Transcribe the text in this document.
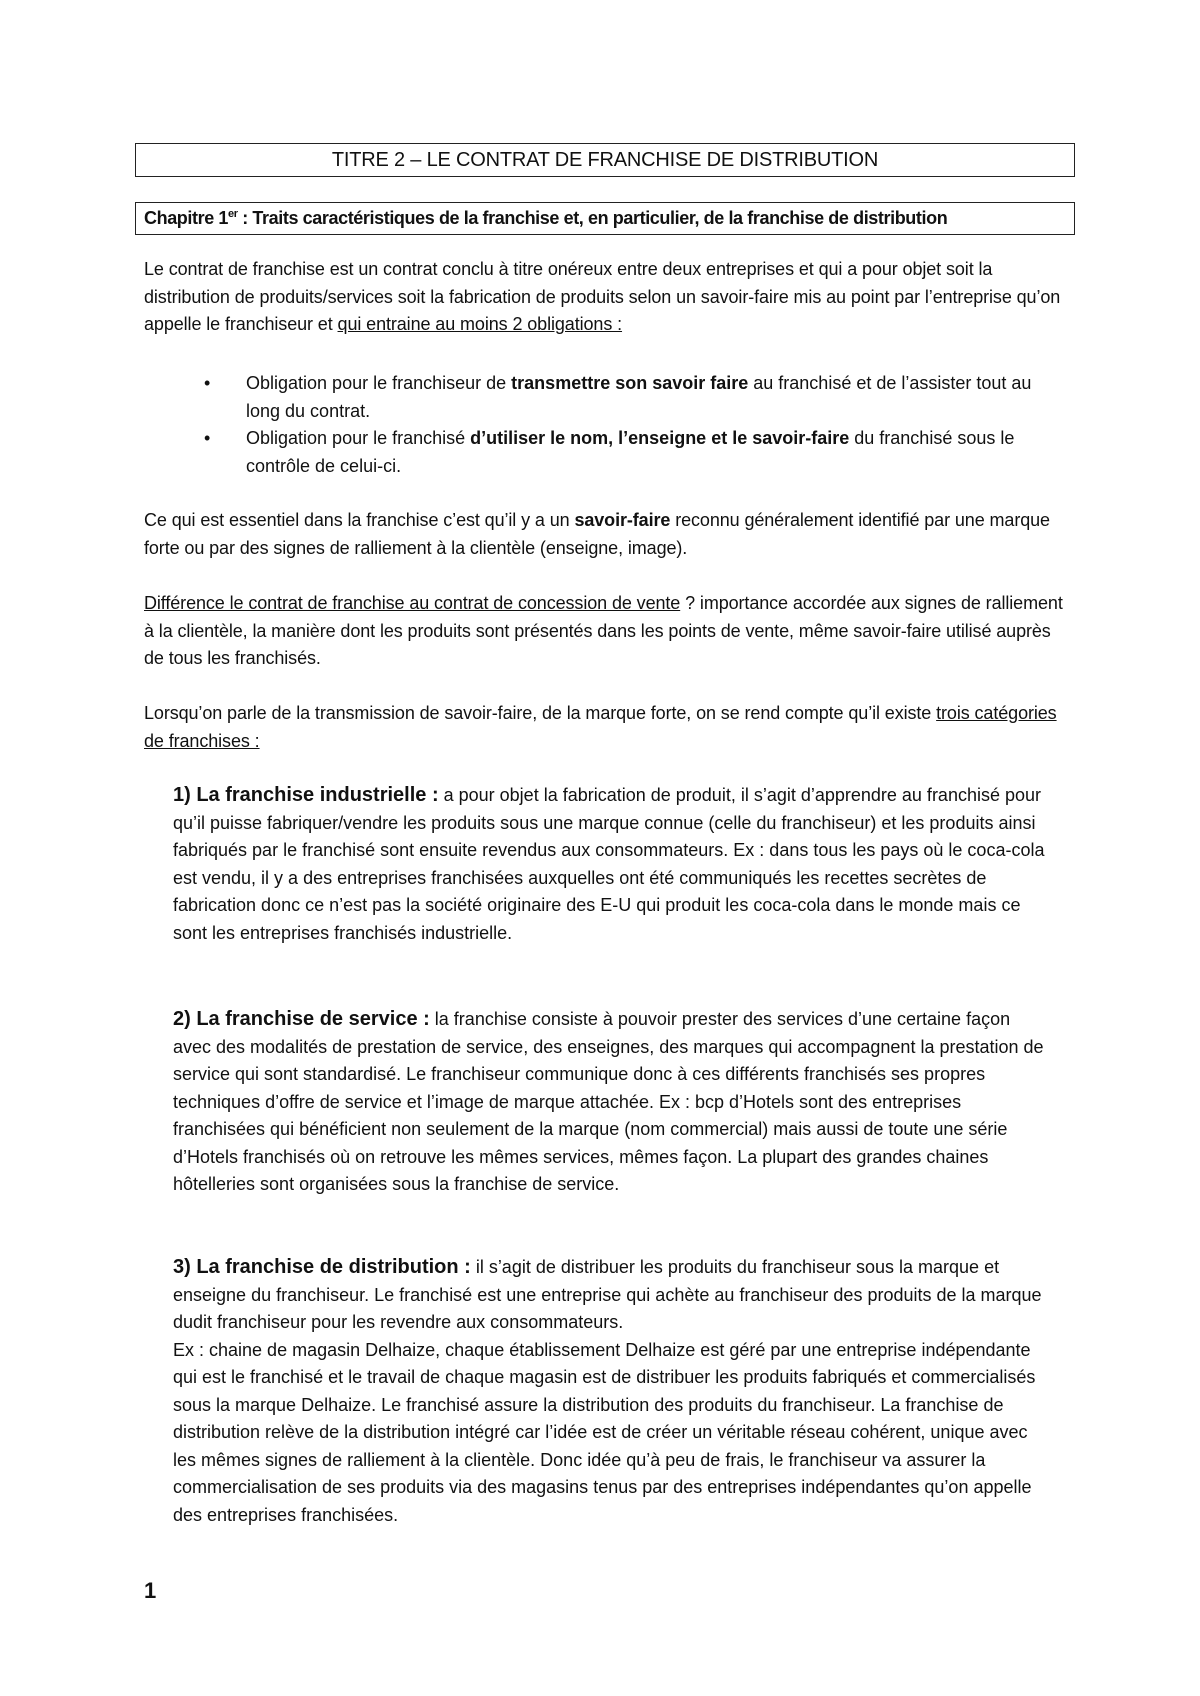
TITRE 2 – LE CONTRAT DE FRANCHISE DE DISTRIBUTION
Chapitre 1er : Traits caractéristiques de la franchise et, en particulier, de la franchise de distribution
Le contrat de franchise est un contrat conclu à titre onéreux entre deux entreprises et qui a pour objet soit la distribution de produits/services soit la fabrication de produits selon un savoir-faire mis au point par l’entreprise qu’on appelle le franchiseur et qui entraine au moins 2 obligations :
• Obligation pour le franchiseur de transmettre son savoir faire au franchisé et de l’assister tout au long du contrat.
• Obligation pour le franchisé d’utiliser le nom, l’enseigne et le savoir-faire du franchisé sous le contrôle de celui-ci.
Ce qui est essentiel dans la franchise c’est qu’il y a un savoir-faire reconnu généralement identifié par une marque forte ou par des signes de ralliement à la clientèle (enseigne, image).
Différence le contrat de franchise au contrat de concession de vente ? importance accordée aux signes de ralliement à la clientèle, la manière dont les produits sont présentés dans les points de vente, même savoir-faire utilisé auprès de tous les franchisés.
Lorsqu’on parle de la transmission de savoir-faire, de la marque forte, on se rend compte qu’il existe trois catégories de franchises :
1) La franchise industrielle : a pour objet la fabrication de produit, il s’agit d’apprendre au franchisé pour qu’il puisse fabriquer/vendre les produits sous une marque connue (celle du franchiseur) et les produits ainsi fabriqués par le franchisé sont ensuite revendus aux consommateurs. Ex : dans tous les pays où le coca-cola est vendu, il y a des entreprises franchisées auxquelles ont été communiqués les recettes secrètes de fabrication donc ce n’est pas la société originaire des E-U qui produit les coca-cola dans le monde mais ce sont les entreprises franchisés industrielle.
2) La franchise de service : la franchise consiste à pouvoir prester des services d’une certaine façon avec des modalités de prestation de service, des enseignes, des marques qui accompagnent la prestation de service qui sont standardisé. Le franchiseur communique donc à ces différents franchisés ses propres techniques d’offre de service et l’image de marque attachée. Ex : bcp d’Hotels sont des entreprises franchisées qui bénéficient non seulement de la marque (nom commercial) mais aussi de toute une série d’Hotels franchisés où on retrouve les mêmes services, mêmes façon. La plupart des grandes chaines hôtelleries sont organisées sous la franchise de service.
3) La franchise de distribution : il s’agit de distribuer les produits du franchiseur sous la marque et enseigne du franchiseur. Le franchisé est une entreprise qui achète au franchiseur des produits de la marque dudit franchiseur pour les revendre aux consommateurs.
Ex : chaine de magasin Delhaize, chaque établissement Delhaize est géré par une entreprise indépendante qui est le franchisé et le travail de chaque magasin est de distribuer les produits fabriqués et commercialisés sous la marque Delhaize. Le franchisé assure la distribution des produits du franchiseur. La franchise de distribution relève de la distribution intégré car l’idée est de créer un véritable réseau cohérent, unique avec les mêmes signes de ralliement à la clientèle. Donc idée qu’à peu de frais, le franchiseur va assurer la commercialisation de ses produits via des magasins tenus par des entreprises indépendantes qu’on appelle des entreprises franchisées.
1
